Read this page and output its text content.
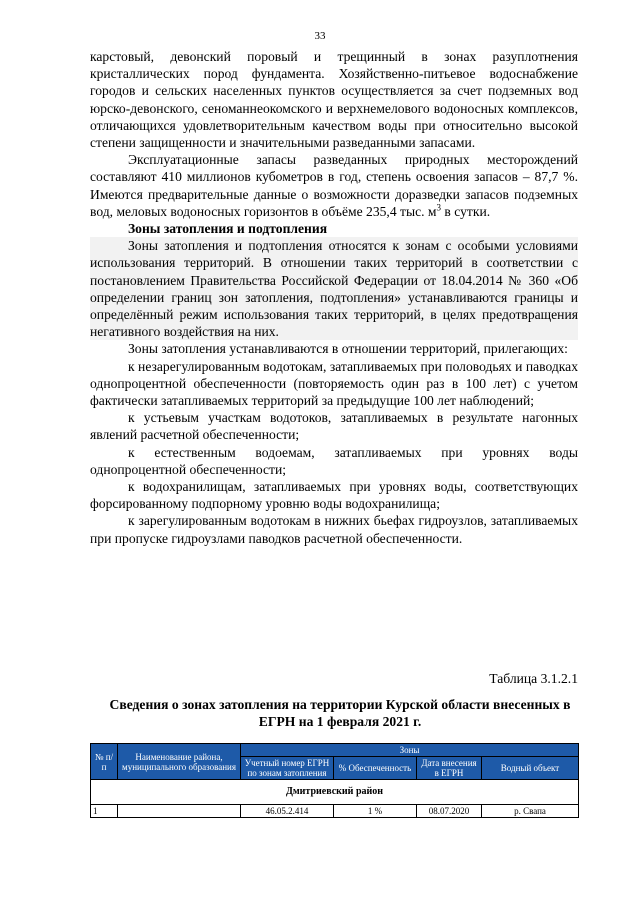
33

карстовый, девонский поровый и трещинный в зонах разуплотнения кристаллических пород фундамента. Хозяйственно-питьевое водоснабжение городов и сельских населенных пунктов осуществляется за счет подземных вод юрско-девонского, сеноманнеокомского и верхнемелового водоносных комплексов, отличающихся удовлетворительным качеством воды при относительно высокой степени защищенности и значительными разведанными запасами.

Эксплуатационные запасы разведанных природных месторождений составляют 410 миллионов кубометров в год, степень освоения запасов – 87,7 %. Имеются предварительные данные о возможности доразведки запасов подземных вод, меловых водоносных горизонтов в объёме 235,4 тыс. $м^3$ в сутки.

Зоны затопления и подтопления

Зоны затопления и подтопления относятся к зонам с особыми условиями использования территорий. В отношении таких территорий в соответствии с постановлением Правительства Российской Федерации от 18.04.2014 № 360 «Об определении границ зон затопления, подтопления» устанавливаются границы и определённый режим использования таких территорий, в целях предотвращения негативного воздействия на них.

Зоны затопления устанавливаются в отношении территорий, прилегающих:

к незарегулированным водотокам, затапливаемых при половодьях и паводках однопроцентной обеспеченности (повторяемость один раз в 100 лет) с учетом фактически затапливаемых территорий за предыдущие 100 лет наблюдений;

к устьевым участкам водотоков, затапливаемых в результате нагонных явлений расчетной обеспеченности;

к естественным водоемам, затапливаемых при уровнях воды однопроцентной обеспеченности;

к водохранилищам, затапливаемых при уровнях воды, соответствующих форсированному подпорному уровню воды водохранилища;

к зарегулированным водотокам в нижних бьефах гидроузлов, затапливаемых при пропуске гидроузлами паводков расчетной обеспеченности.

Таблица 3.1.2.1
Сведения о зонах затопления на территории Курской области внесенных в ЕГРН на 1 февраля 2021 г.
№ п/п	Наименование района, муниципального образования	Зоны			
		Учетный номер ЕГРН по зонам затопления	% Обеспеченность	Дата внесения в ЕГРН	Водный объект
Дмитриевский район					
1		46.05.2.414	1 %	08.07.2020	р. Свапа
